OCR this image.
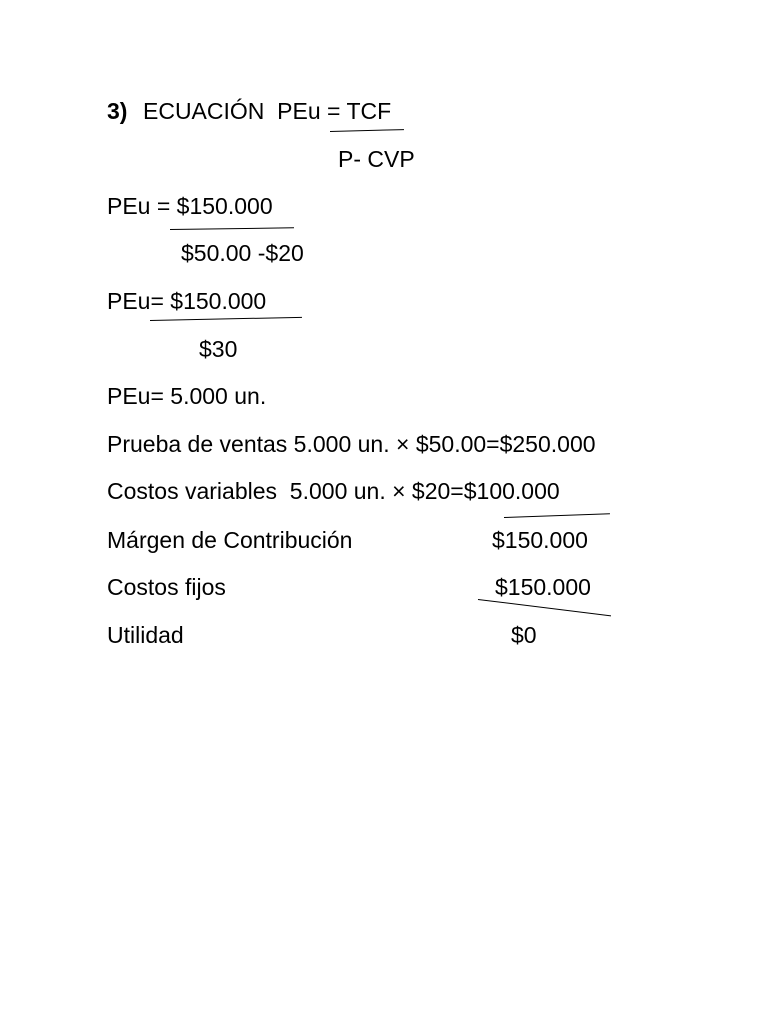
3) ECUACIÓN  PEu = TCF
P- CVP
PEu = $150.000
$50.00 -$20
PEu= $150.000
$30
PEu= 5.000 un.
Prueba de ventas 5.000 un. × $50.00=$250.000
Costos variables  5.000 un. × $20=$100.000
Márgen de Contribución	$150.000
Costos fijos	$150.000
Utilidad	$0
